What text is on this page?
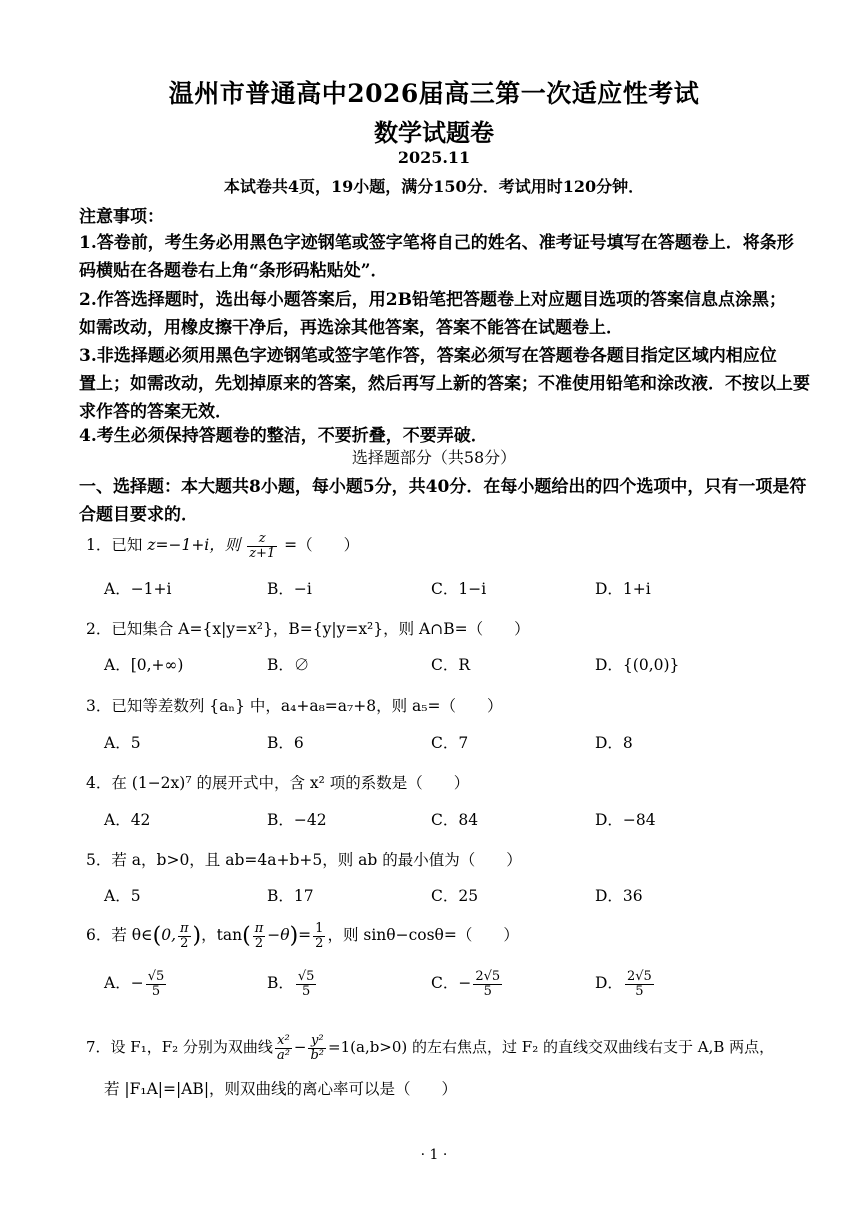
温州市普通高中2026届高三第一次适应性考试
数学试题卷
2025.11
本试卷共4页，19小题，满分150分．考试用时120分钟．
注意事项：
1.答卷前，考生务必用黑色字迹钢笔或签字笔将自己的姓名、准考证号填写在答题卷上．将条形
码横贴在各题卷右上角“条形码粘贴处”．
2.作答选择题时，选出每小题答案后，用2B铅笔把答题卷上对应题目选项的答案信息点涂黑；
如需改动，用橡皮擦干净后，再选涂其他答案，答案不能答在试题卷上．
3.非选择题必须用黑色字迹钢笔或签字笔作答，答案必须写在答题卷各题目指定区域内相应位
置上；如需改动，先划掉原来的答案，然后再写上新的答案；不准使用铅笔和涂改液．不按以上要
求作答的答案无效．
4.考生必须保持答题卷的整洁，不要折叠，不要弄破．
选择题部分（共58分）
一、选择题：本大题共8小题，每小题5分，共40分．在每小题给出的四个选项中，只有一项是符
合题目要求的．
1．已知 z=−1+i，则 $\frac{z}{z+1}$ =（　　）
A．−1+i	B．−i	C．1−i	D．1+i
2．已知集合 A={x|y=x²}，B={y|y=x²}，则 A∩B=（　　）
A．[0,+∞)	B．∅	C．R	D．{(0,0)}
3．已知等差数列 {aₙ} 中，a₄+a₈=a₇+8，则 a₅=（　　）
A．5	B．6	C．7	D．8
4．在 (1−2x)⁷ 的展开式中，含 x² 项的系数是（　　）
A．42	B．−42	C．84	D．−84
5．若 a，b>0，且 ab=4a+b+5，则 ab 的最小值为（　　）
A．5	B．17	C．25	D．36
6．若 θ∈(0, $\frac{\pi}{2}$ )，$\tan( \frac{\pi}{2} -\theta)= \frac{1}{2}$ ，则 sinθ−cosθ=（　　）
A．− $\frac{√5}{5}$	B． $\frac{√5}{5}$	C．− $\frac{2√5}{5}$	D． $\frac{2√5}{5}$
7．设 F₁，F₂ 分别为双曲线 $\frac{\text{x²}}{\text{a²}} - \frac{\text{y²}}{\text{b²}} =1(a,b>0)$ 的左右焦点，过 F₂ 的直线交双曲线右支于 A,B 两点，
若 |F₁A|=|AB|，则双曲线的离心率可以是（　　）
· 1 ·
